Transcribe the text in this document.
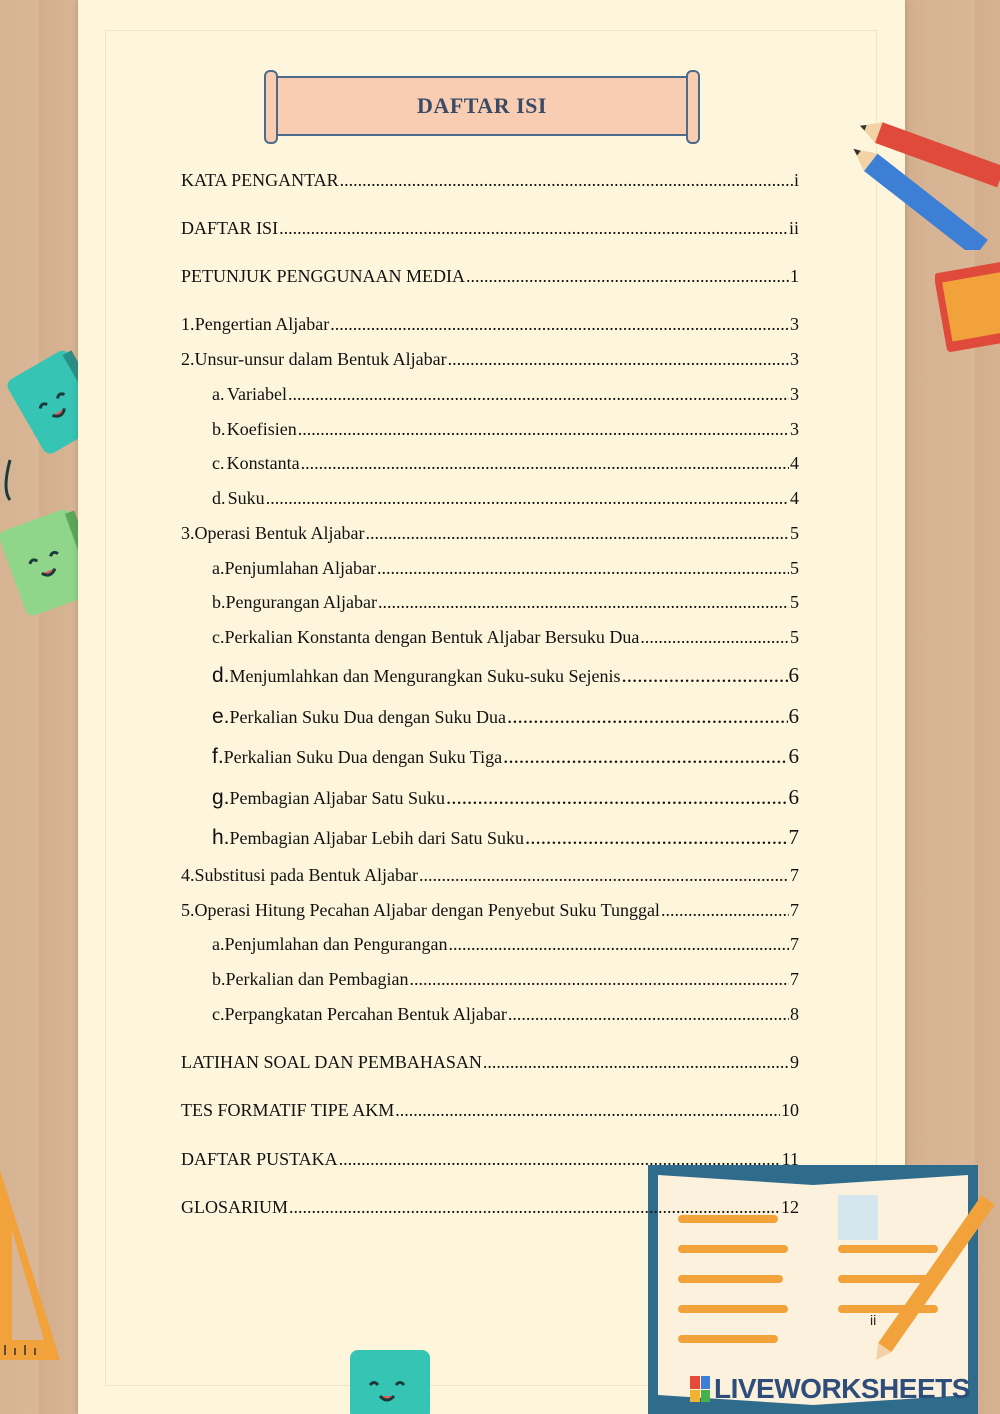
DAFTAR ISI
KATA PENGANTAR .....	i
DAFTAR ISI .....	ii
PETUNJUK PENGGUNAAN MEDIA .....	1
1. Pengertian Aljabar .....	3
2. Unsur-unsur dalam Bentuk Aljabar .....	3
a. Variabel .....	3
b. Koefisien .....	3
c. Konstanta .....	4
d. Suku .....	4
3. Operasi Bentuk Aljabar .....	5
a. Penjumlahan Aljabar .....	5
b. Pengurangan Aljabar .....	5
c. Perkalian Konstanta dengan Bentuk Aljabar Bersuku Dua .....	5
d. Menjumlahkan dan Mengurangkan Suku-suku Sejenis .....	6
e. Perkalian Suku Dua dengan Suku Dua .....	6
f. Perkalian Suku Dua dengan Suku Tiga .....	6
g. Pembagian Aljabar Satu Suku .....	6
h. Pembagian Aljabar Lebih dari Satu Suku .....	7
4. Substitusi pada Bentuk Aljabar .....	7
5. Operasi Hitung Pecahan Aljabar dengan Penyebut Suku Tunggal .....	7
a. Penjumlahan dan Pengurangan .....	7
b. Perkalian dan Pembagian .....	7
c. Perpangkatan Percahan Bentuk Aljabar .....	8
LATIHAN SOAL DAN PEMBAHASAN .....	9
TES FORMATIF TIPE AKM .....	10
DAFTAR PUSTAKA .....	11
GLOSARIUM .....	12
ii
LIVEWORKSHEETS
